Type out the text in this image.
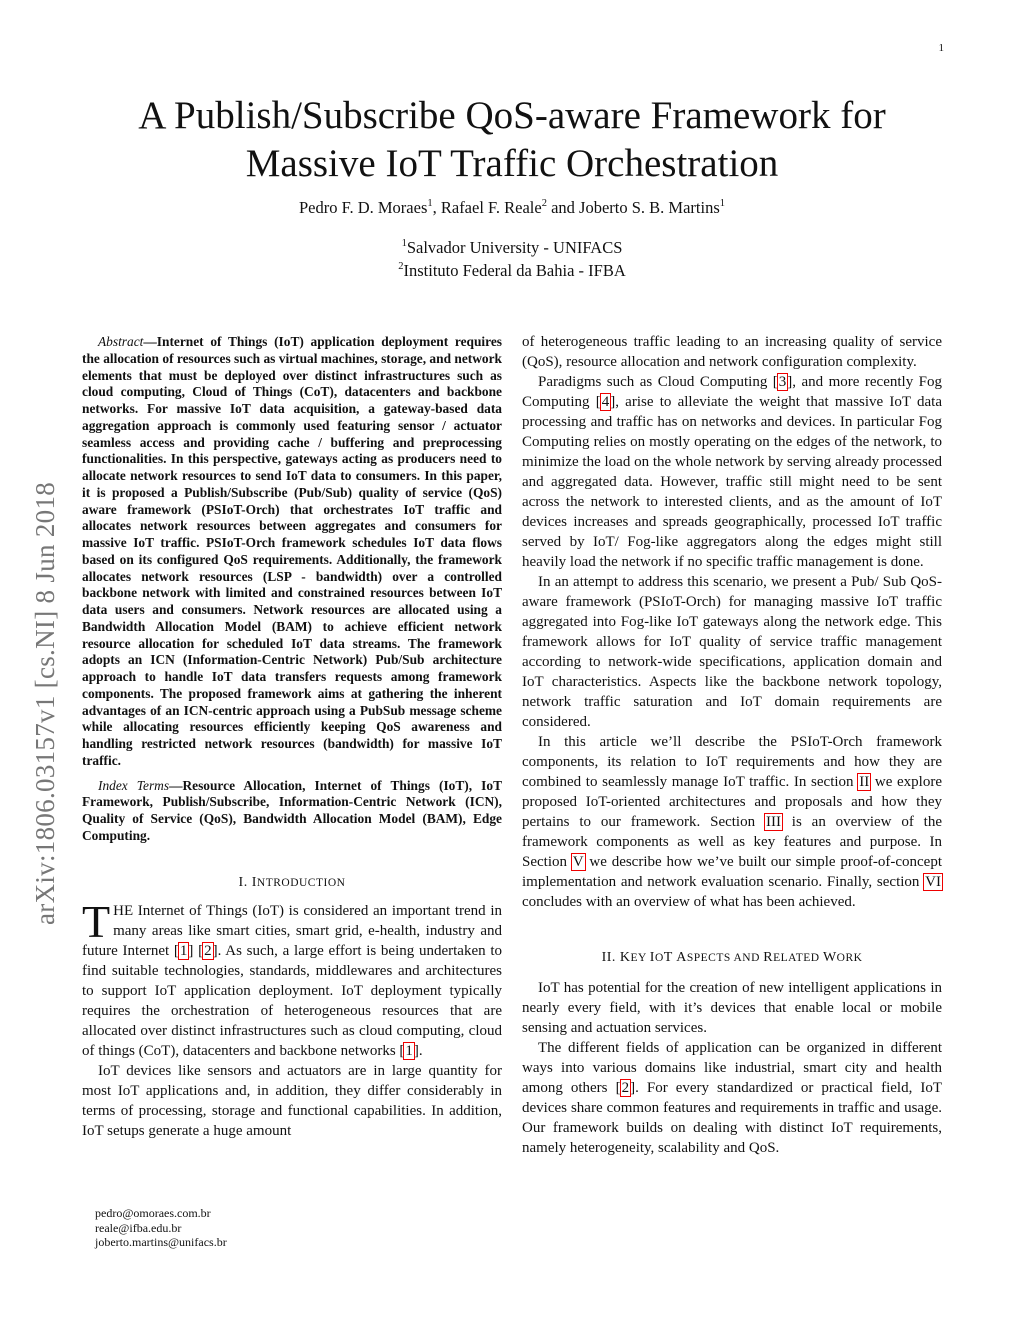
1
arXiv:1806.03157v1 [cs.NI] 8 Jun 2018
A Publish/Subscribe QoS-aware Framework for
Massive IoT Traffic Orchestration
Pedro F. D. Moraes$^1$, Rafael F. Reale$^2$ and Joberto S. B. Martins$^1$
$^1$Salvador University - UNIFACS
$^2$Instituto Federal da Bahia - IFBA

Abstract—Internet of Things (IoT) application deployment requires the allocation of resources such as virtual machines, storage, and network elements that must be deployed over distinct infrastructures such as cloud computing, Cloud of Things (CoT), datacenters and backbone networks. For massive IoT data acquisition, a gateway-based data aggregation approach is commonly used featuring sensor / actuator seamless access and providing cache / buffering and preprocessing functionalities. In this perspective, gateways acting as producers need to allocate network resources to send IoT data to consumers. In this paper, it is proposed a Publish/Subscribe (Pub/Sub) quality of service (QoS) aware framework (PSIoT-Orch) that orchestrates IoT traffic and allocates network resources between aggregates and consumers for massive IoT traffic. PSIoT-Orch framework schedules IoT data flows based on its configured QoS requirements. Additionally, the framework allocates network resources (LSP - bandwidth) over a controlled backbone network with limited and constrained resources between IoT data users and consumers. Network resources are allocated using a Bandwidth Allocation Model (BAM) to achieve efficient network resource allocation for scheduled IoT data streams. The framework adopts an ICN (Information-Centric Network) Pub/Sub architecture approach to handle IoT data transfers requests among framework components. The proposed framework aims at gathering the inherent advantages of an ICN-centric approach using a PubSub message scheme while allocating resources efficiently keeping QoS awareness and handling restricted network resources (bandwidth) for massive IoT traffic.

Index Terms—Resource Allocation, Internet of Things (IoT), IoT Framework, Publish/Subscribe, Information-Centric Network (ICN), Quality of Service (QoS), Bandwidth Allocation Model (BAM), Edge Computing.

I. INTRODUCTION

THE Internet of Things (IoT) is considered an important trend in many areas like smart cities, smart grid, e-health, industry and future Internet [1] [2]. As such, a large effort is being undertaken to find suitable technologies, standards, middlewares and architectures to support IoT application deployment. IoT deployment typically requires the orchestration of heterogeneous resources that are allocated over distinct infrastructures such as cloud computing, cloud of things (CoT), datacenters and backbone networks [1].

IoT devices like sensors and actuators are in large quantity for most IoT applications and, in addition, they differ considerably in terms of processing, storage and functional capabilities. In addition, IoT setups generate a huge amount

of heterogeneous traffic leading to an increasing quality of service (QoS), resource allocation and network configuration complexity.

Paradigms such as Cloud Computing [3], and more recently Fog Computing [4], arise to alleviate the weight that massive IoT data processing and traffic has on networks and devices. In particular Fog Computing relies on mostly operating on the edges of the network, to minimize the load on the whole network by serving already processed and aggregated data. However, traffic still might need to be sent across the network to interested clients, and as the amount of IoT devices increases and spreads geographically, processed IoT traffic served by IoT/ Fog-like aggregators along the edges might still heavily load the network if no specific traffic management is done.

In an attempt to address this scenario, we present a Pub/ Sub QoS-aware framework (PSIoT-Orch) for managing massive IoT traffic aggregated into Fog-like IoT gateways along the network edge. This framework allows for IoT quality of service traffic management according to network-wide specifications, application domain and IoT characteristics. Aspects like the backbone network topology, network traffic saturation and IoT domain requirements are considered.

In this article we’ll describe the PSIoT-Orch framework components, its relation to IoT requirements and how they are combined to seamlessly manage IoT traffic. In section II we explore proposed IoT-oriented architectures and proposals and how they pertains to our framework. Section III is an overview of the framework components as well as key features and purpose. In Section V we describe how we’ve built our simple proof-of-concept implementation and network evaluation scenario. Finally, section VI concludes with an overview of what has been achieved.

II. KEY IOT ASPECTS AND RELATED WORK

IoT has potential for the creation of new intelligent applications in nearly every field, with it’s devices that enable local or mobile sensing and actuation services.

The different fields of application can be organized in different ways into various domains like industrial, smart city and health among others [2]. For every standardized or practical field, IoT devices share common features and requirements in traffic and usage. Our framework builds on dealing with distinct IoT requirements, namely heterogeneity, scalability and QoS.

pedro@omoraes.com.br
reale@ifba.edu.br
joberto.martins@unifacs.br
